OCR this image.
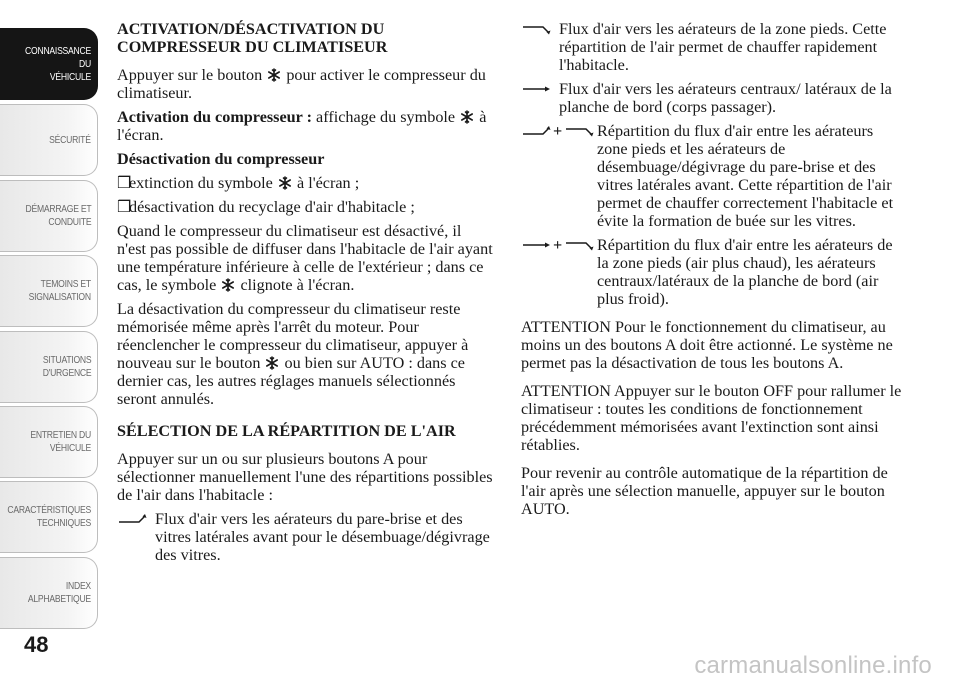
CONNAISSANCE DU
VÉHICULE
SÉCURITÉ
DÉMARRAGE ET
CONDUITE
TEMOINS ET
SIGNALISATION
SITUATIONS
D'URGENCE
ENTRETIEN DU
VÉHICULE
CARACTÉRISTIQUES
TECHNIQUES
INDEX
ALPHABETIQUE
48
ACTIVATION/DÉSACTIVATION DU COMPRESSEUR DU CLIMATISEUR

Appuyer sur le bouton  pour activer le compresseur du climatiseur.

Activation du compresseur : affichage du symbole  à l'écran.

Désactivation du compresseur
❒extinction du symbole  à l'écran ;
❒désactivation du recyclage d'air d'habitacle ;

Quand le compresseur du climatiseur est désactivé, il n'est pas possible de diffuser dans l'habitacle de l'air ayant une température inférieure à celle de l'extérieur ; dans ce cas, le symbole  clignote à l'écran.

La désactivation du compresseur du climatiseur reste mémorisée même après l'arrêt du moteur. Pour réenclencher le compresseur du climatiseur, appuyer à nouveau sur le bouton  ou bien sur AUTO : dans ce dernier cas, les autres réglages manuels sélectionnés seront annulés.

SÉLECTION DE LA RÉPARTITION DE L'AIR

Appuyer sur un ou sur plusieurs boutons A pour sélectionner manuellement l'une des répartitions possibles de l'air dans l'habitacle :

Flux d'air vers les aérateurs du pare-brise et des vitres latérales avant pour le désembuage/dégivrage des vitres.
Flux d'air vers les aérateurs de la zone pieds. Cette répartition de l'air permet de chauffer rapidement l'habitacle.
Flux d'air vers les aérateurs centraux/ latéraux de la planche de bord (corps passager).
+ Répartition du flux d'air entre les aérateurs zone pieds et les aérateurs de désembuage/dégivrage du pare-brise et des vitres latérales avant. Cette répartition de l'air permet de chauffer correctement l'habitacle et évite la formation de buée sur les vitres.
+ Répartition du flux d'air entre les aérateurs de la zone pieds (air plus chaud), les aérateurs centraux/latéraux de la planche de bord (air plus froid).

ATTENTION Pour le fonctionnement du climatiseur, au moins un des boutons A doit être actionné. Le système ne permet pas la désactivation de tous les boutons A.

ATTENTION Appuyer sur le bouton OFF pour rallumer le climatiseur : toutes les conditions de fonctionnement précédemment mémorisées avant l'extinction sont ainsi rétablies.

Pour revenir au contrôle automatique de la répartition de l'air après une sélection manuelle, appuyer sur le bouton AUTO.

carmanualsonline.info
